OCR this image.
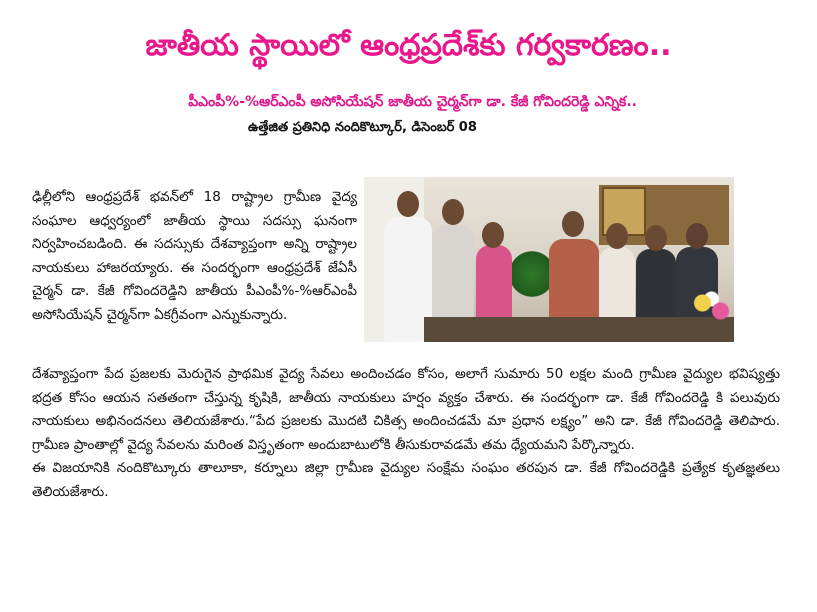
జాతీయ స్థాయిలో ఆంధ్రప్రదేశ్‌కు గర్వకారణం..
పీఎంపీ%-%ఆర్‌ఎంపీ అసోసియేషన్ జాతీయ చైర్మన్‌గా డా. కేజీ గోవిందరెడ్డి ఎన్నిక..
ఉత్తేజిత ప్రతినిధి నందికొట్కూర్, డిసెంబర్ 08

ఢిల్లీలోని ఆంధ్రప్రదేశ్ భవన్‌లో 18 రాష్ట్రాల గ్రామీణ వైద్య సంఘాల ఆధ్వర్యంలో జాతీయ స్థాయి సదస్సు ఘనంగా నిర్వహించబడింది. ఈ సదస్సుకు దేశవ్యాప్తంగా అన్ని రాష్ట్రాల నాయకులు హాజరయ్యారు. ఈ సందర్భంగా ఆంధ్రప్రదేశ్ జేఏసీ చైర్మన్ డా. కేజీ గోవిందరెడ్డిని జాతీయ పీఎంపీ%-%ఆర్‌ఎంపీ అసోసియేషన్ చైర్మన్‌గా ఏకగ్రీవంగా ఎన్నుకున్నారు.

దేశవ్యాప్తంగా పేద ప్రజలకు మెరుగైన ప్రాథమిక వైద్య సేవలు అందించడం కోసం, అలాగే సుమారు 50 లక్షల మంది గ్రామీణ వైద్యుల భవిష్యత్తు భద్రత కోసం ఆయన సతతంగా చేస్తున్న కృషికి, జాతీయ నాయకులు హర్షం వ్యక్తం చేశారు. ఈ సందర్భంగా డా. కేజీ గోవిందరెడ్డి కి పలువురు నాయకులు అభినందనలు తెలియజేశారు.“పేద ప్రజలకు మొదటి చికిత్స అందించడమే మా ప్రధాన లక్ష్యం” అని డా. కేజీ గోవిందరెడ్డి తెలిపారు. గ్రామీణ ప్రాంతాల్లో వైద్య సేవలను మరింత విస్తృతంగా అందుబాటులోకి తీసుకురావడమే తమ ధ్యేయమని పేర్కొన్నారు.

ఈ విజయానికి నందికొట్కూరు తాలూకా, కర్నూలు జిల్లా గ్రామీణ వైద్యుల సంక్షేమ సంఘం తరపున డా. కేజీ గోవిందరెడ్డికి ప్రత్యేక కృతజ్ఞతలు తెలియజేశారు.
